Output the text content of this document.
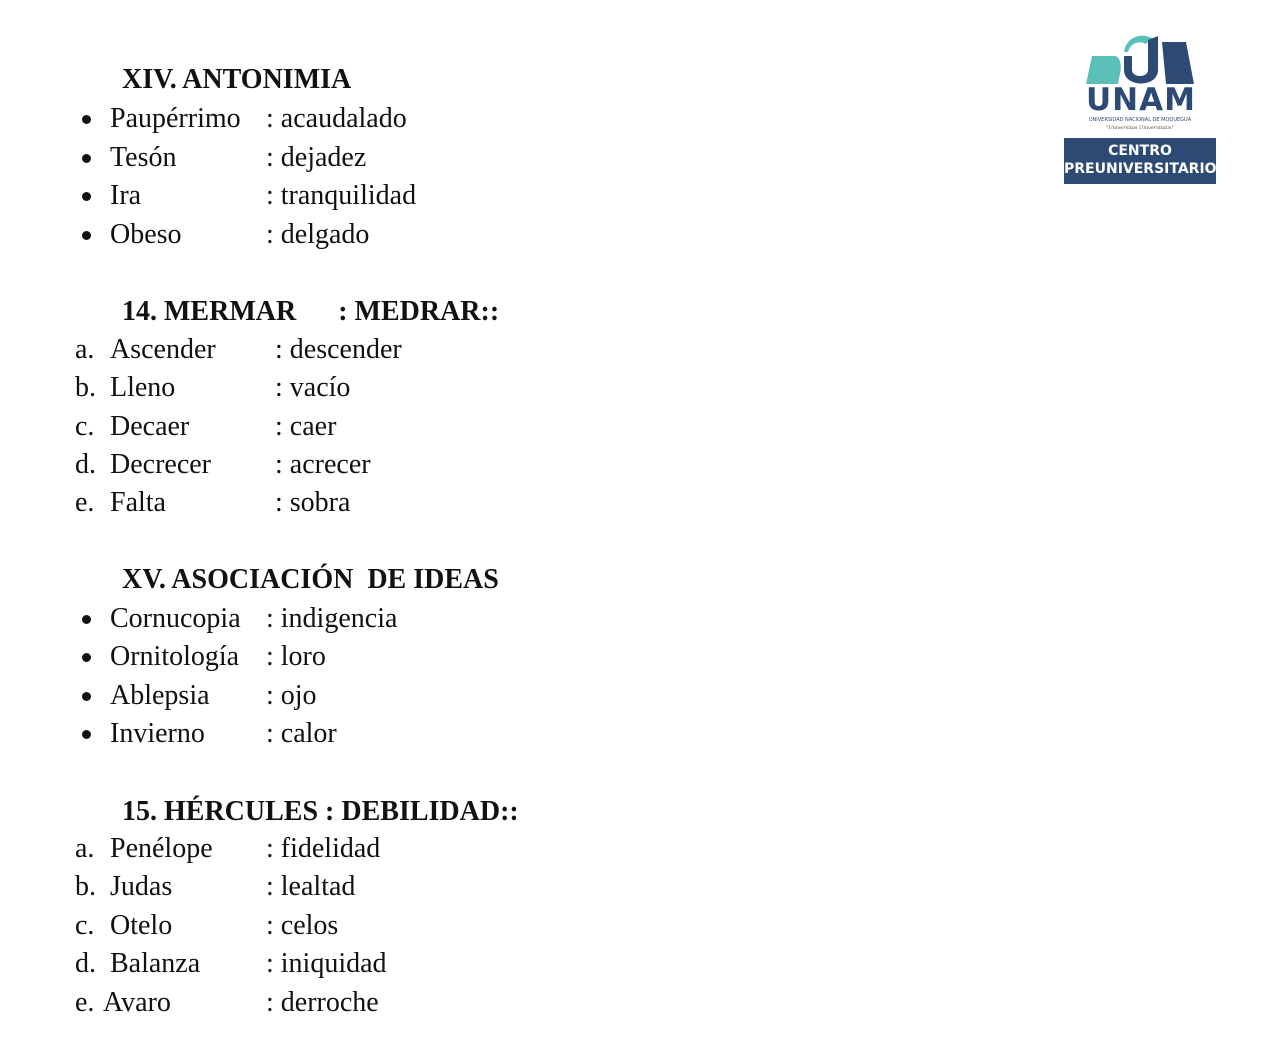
XIV. ANTONIMIA
Paupérrimo : acaudalado
Tesón	: dejadez
Ira	: tranquilidad
Obeso	: delgado
14. MERMAR      : MEDRAR::
a. Ascender : descender
b. Lleno	: vacío
c. Decaer	: caer
d. Decrecer : acrecer
e. Falta	: sobra
XV. ASOCIACIÓN  DE IDEAS
Cornucopia : indigencia
Ornitología : loro
Ablepsia : ojo
Invierno : calor
15. HÉRCULES : DEBILIDAD::
a. Penélope : fidelidad
b. Judas	: lealtad
c. Otelo	: celos
d. Balanza : iniquidad
e. Avaro	: derroche
UNAM
UNIVERSIDAD NACIONAL DE MOQUEGUA
"Universitas Universitatis"
CENTRO
PREUNIVERSITARIO
